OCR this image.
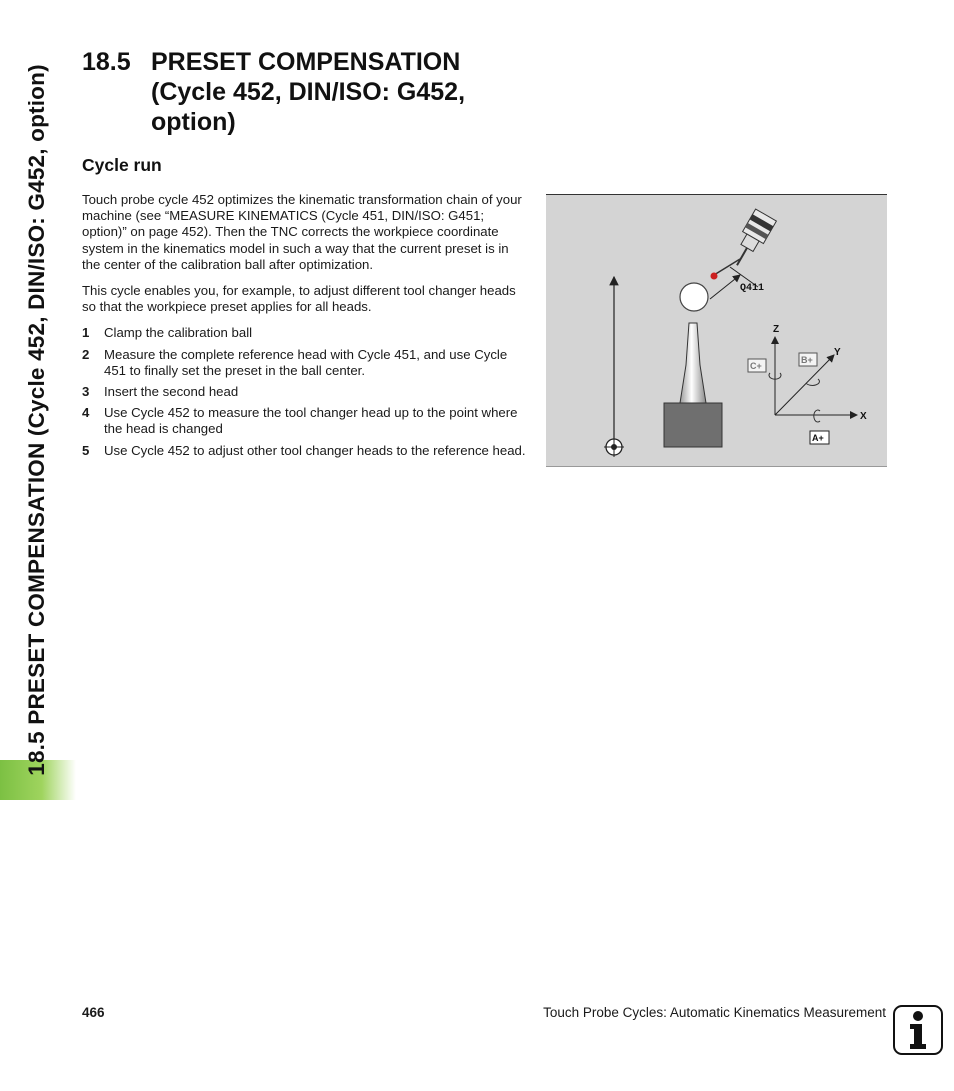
18.5 PRESET COMPENSATION (Cycle 452, DIN/ISO: G452, option)
18.5 PRESET COMPENSATION
(Cycle 452, DIN/ISO: G452,
option)
Cycle run

Touch probe cycle 452 optimizes the kinematic transformation chain of your machine (see “MEASURE KINEMATICS (Cycle 451, DIN/ISO: G451; option)” on page 452). Then the TNC corrects the workpiece coordinate system in the kinematics model in such a way that the current preset is in the center of the calibration ball after optimization.

This cycle enables you, for example, to adjust different tool changer heads so that the workpiece preset applies for all heads.

1 Clamp the calibration ball
2 Measure the complete reference head with Cycle 451, and use Cycle 451 to finally set the preset in the ball center.
3 Insert the second head
4 Use Cycle 452 to measure the tool changer head up to the point where the head is changed
5 Use Cycle 452 to adjust other tool changer heads to the reference head.
Q411
Z
Y
X
C+
B+
A+
466	Touch Probe Cycles: Automatic Kinematics Measurement
